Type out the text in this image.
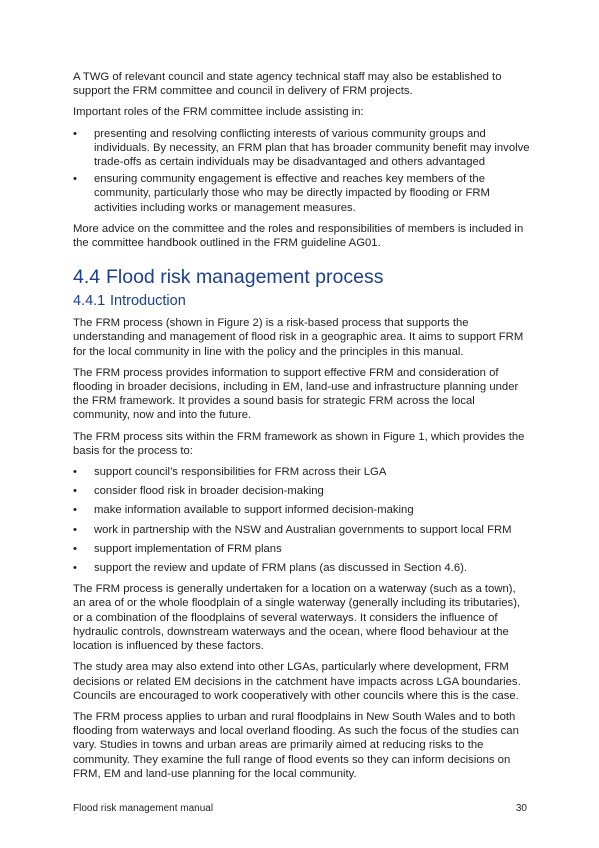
A TWG of relevant council and state agency technical staff may also be established to support the FRM committee and council in delivery of FRM projects.

Important roles of the FRM committee include assisting in:

• presenting and resolving conflicting interests of various community groups and individuals. By necessity, an FRM plan that has broader community benefit may involve trade-offs as certain individuals may be disadvantaged and others advantaged
• ensuring community engagement is effective and reaches key members of the community, particularly those who may be directly impacted by flooding or FRM activities including works or management measures.

More advice on the committee and the roles and responsibilities of members is included in the committee handbook outlined in the FRM guideline AG01.

4.4 Flood risk management process
4.4.1 Introduction

The FRM process (shown in Figure 2) is a risk-based process that supports the understanding and management of flood risk in a geographic area. It aims to support FRM for the local community in line with the policy and the principles in this manual.

The FRM process provides information to support effective FRM and consideration of flooding in broader decisions, including in EM, land-use and infrastructure planning under the FRM framework. It provides a sound basis for strategic FRM across the local community, now and into the future.

The FRM process sits within the FRM framework as shown in Figure 1, which provides the basis for the process to:

• support council’s responsibilities for FRM across their LGA
• consider flood risk in broader decision-making
• make information available to support informed decision-making
• work in partnership with the NSW and Australian governments to support local FRM
• support implementation of FRM plans
• support the review and update of FRM plans (as discussed in Section 4.6).

The FRM process is generally undertaken for a location on a waterway (such as a town), an area of or the whole floodplain of a single waterway (generally including its tributaries), or a combination of the floodplains of several waterways. It considers the influence of hydraulic controls, downstream waterways and the ocean, where flood behaviour at the location is influenced by these factors.

The study area may also extend into other LGAs, particularly where development, FRM decisions or related EM decisions in the catchment have impacts across LGA boundaries. Councils are encouraged to work cooperatively with other councils where this is the case.

The FRM process applies to urban and rural floodplains in New South Wales and to both flooding from waterways and local overland flooding. As such the focus of the studies can vary. Studies in towns and urban areas are primarily aimed at reducing risks to the community. They examine the full range of flood events so they can inform decisions on FRM, EM and land-use planning for the local community.

Flood risk management manual	30
